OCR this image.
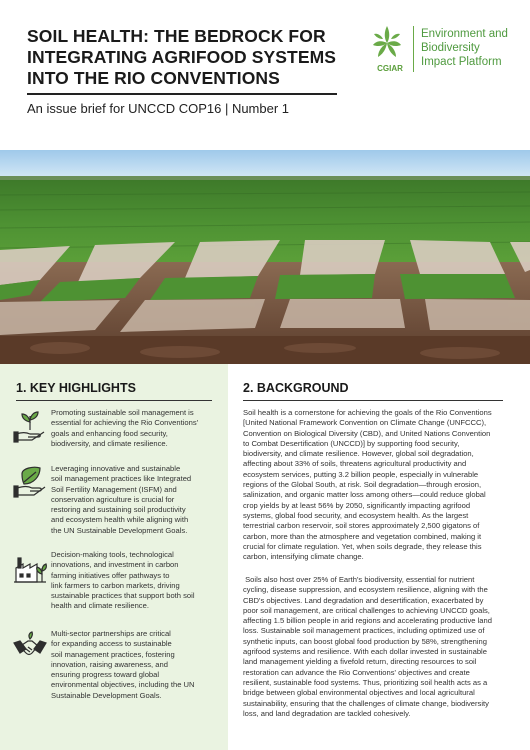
SOIL HEALTH: THE BEDROCK FOR
INTEGRATING AGRIFOOD SYSTEMS
INTO THE RIO CONVENTIONS
An issue brief for UNCCD COP16 | Number 1
CGIAR
Environment and
Biodiversity
Impact Platform
1. KEY HIGHLIGHTS
Promoting sustainable soil management is
essential for achieving the Rio Conventions'
goals and enhancing food security,
biodiversity, and climate resilience.
Leveraging innovative and sustainable
soil management practices like Integrated
Soil Fertility Management (ISFM) and
conservation agriculture is crucial for
restoring and sustaining soil productivity
and ecosystem health while aligning with
the UN Sustainable Development Goals.
Decision-making tools, technological
innovations, and investment in carbon
farming initiatives offer pathways to
link farmers to carbon markets, driving
sustainable practices that support both soil
health and climate resilience.
Multi-sector partnerships are critical
for expanding access to sustainable
soil management practices, fostering
innovation, raising awareness, and
ensuring progress toward global
environmental objectives, including the UN
Sustainable Development Goals.
2. BACKGROUND
Soil health is a cornerstone for achieving the goals of the Rio Conventions
[United National Framework Convention on Climate Change (UNFCCC),
Convention on Biological Diversity (CBD), and United Nations Convention
to Combat Desertification (UNCCD)] by supporting food security,
biodiversity, and climate resilience. However, global soil degradation,
affecting about 33% of soils, threatens agricultural productivity and
ecosystem services, putting 3.2 billion people, especially in vulnerable
regions of the Global South, at risk. Soil degradation—through erosion,
salinization, and organic matter loss among others—could reduce global
crop yields by at least 56% by 2050, significantly impacting agrifood
systems, global food security, and ecosystem health. As the largest
terrestrial carbon reservoir, soil stores approximately 2,500 gigatons of
carbon, more than the atmosphere and vegetation combined, making it
crucial for climate regulation. Yet, when soils degrade, they release this
carbon, intensifying climate change.
Soils also host over 25% of Earth's biodiversity, essential for nutrient
cycling, disease suppression, and ecosystem resilience, aligning with the
CBD's objectives. Land degradation and desertification, exacerbated by
poor soil management, are critical challenges to achieving UNCCD goals,
affecting 1.5 billion people in arid regions and accelerating productive land
loss. Sustainable soil management practices, including optimized use of
synthetic inputs, can boost global food production by 58%, strengthening
agrifood systems and resilience. With each dollar invested in sustainable
land management yielding a fivefold return, directing resources to soil
restoration can advance the Rio Conventions' objectives and create
resilient, sustainable food systems. Thus, prioritizing soil health acts as a
bridge between global environmental objectives and local agricultural
sustainability, ensuring that the challenges of climate change, biodiversity
loss, and land degradation are tackled cohesively.
